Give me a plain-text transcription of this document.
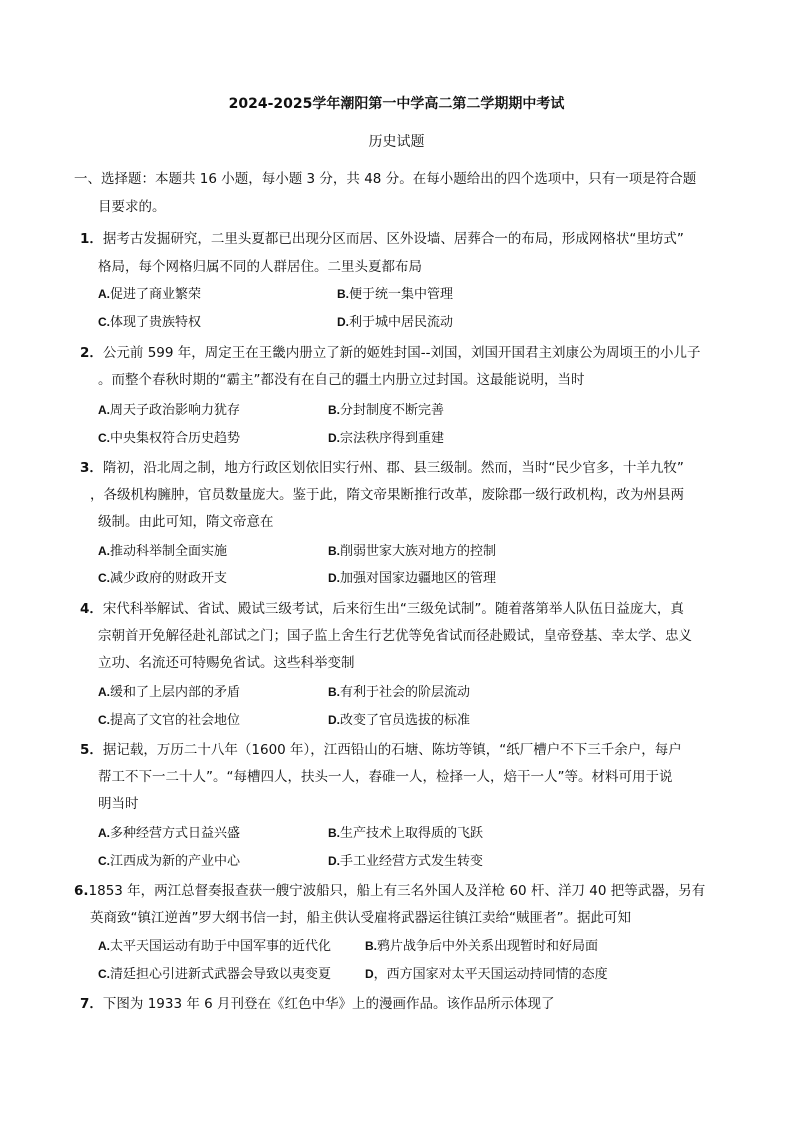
2024-2025学年潮阳第一中学高二第二学期期中考试
历史试题
一、选择题：本题共 16 小题，每小题 3 分，共 48 分。在每小题给出的四个选项中，只有一项是符合题
目要求的。
1．据考古发掘研究，二里头夏都已出现分区而居、区外设墙、居葬合一的布局，形成网格状“里坊式”
格局，每个网格归属不同的人群居住。二里头夏都布局
A.促进了商业繁荣	B.便于统一集中管理
C.体现了贵族特权	D.利于城中居民流动
2．公元前 599 年，周定王在王畿内册立了新的姬姓封国--刘国，刘国开国君主刘康公为周顷王的小儿子
。而整个春秋时期的“霸主”都没有在自己的疆土内册立过封国。这最能说明，当时
A.周天子政治影响力犹存	B.分封制度不断完善
C.中央集权符合历史趋势	D.宗法秩序得到重建
3．隋初，沿北周之制，地方行政区划依旧实行州、郡、县三级制。然而，当时“民少官多，十羊九牧”
，各级机构臃肿，官员数量庞大。鉴于此，隋文帝果断推行改革，废除郡一级行政机构，改为州县两
级制。由此可知，隋文帝意在
A.推动科举制全面实施	B.削弱世家大族对地方的控制
C.减少政府的财政开支	D.加强对国家边疆地区的管理
4．宋代科举解试、省试、殿试三级考试，后来衍生出“三级免试制”。随着落第举人队伍日益庞大，真
宗朝首开免解径赴礼部试之门；国子监上舍生行艺优等免省试而径赴殿试，皇帝登基、幸太学、忠义
立功、名流还可特赐免省试。这些科举变制
A.缓和了上层内部的矛盾	B.有利于社会的阶层流动
C.提高了文官的社会地位	D.改变了官员选拔的标准
5．据记载，万历二十八年（1600 年），江西铅山的石塘、陈坊等镇，“纸厂槽户不下三千余户，每户
帮工不下一二十人”。“每槽四人，扶头一人，舂碓一人，检择一人，焙干一人”等。材料可用于说
明当时
A.多种经营方式日益兴盛	B.生产技术上取得质的飞跃
C.江西成为新的产业中心	D.手工业经营方式发生转变
6.1853 年，两江总督奏报查获一艘宁波船只，船上有三名外国人及洋枪 60 杆、洋刀 40 把等武器，另有
英商致“镇江逆酋”罗大纲书信一封，船主供认受雇将武器运往镇江卖给“贼匪者”。据此可知
A.太平天国运动有助于中国军事的近代化	B.鸦片战争后中外关系出现暂时和好局面
C.清廷担心引进新式武器会导致以夷变夏	D，西方国家对太平天国运动持同情的态度
7．下图为 1933 年 6 月刊登在《红色中华》上的漫画作品。该作品所示体现了
